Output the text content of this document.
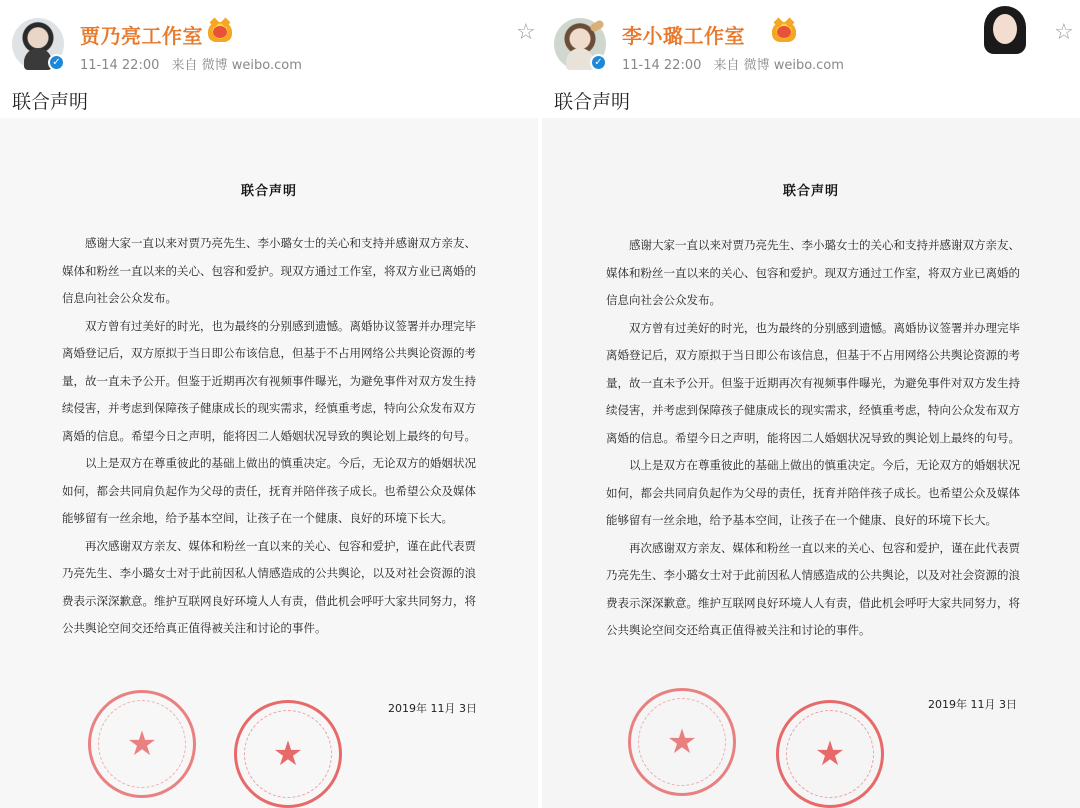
✓
贾乃亮工作室
11-14 22:00 来自 微博 weibo.com
☆
联合声明
联合声明

感谢大家一直以来对贾乃亮先生、李小璐女士的关心和支持并感谢双方亲友、媒体和粉丝一直以来的关心、包容和爱护。现双方通过工作室，将双方业已离婚的信息向社会公众发布。

双方曾有过美好的时光，也为最终的分别感到遗憾。离婚协议签署并办理完毕离婚登记后，双方原拟于当日即公布该信息，但基于不占用网络公共舆论资源的考量，故一直未予公开。但鉴于近期再次有视频事件曝光，为避免事件对双方发生持续侵害，并考虑到保障孩子健康成长的现实需求，经慎重考虑，特向公众发布双方离婚的信息。希望今日之声明，能将因二人婚姻状况导致的舆论划上最终的句号。

以上是双方在尊重彼此的基础上做出的慎重决定。今后，无论双方的婚姻状况如何，都会共同肩负起作为父母的责任，抚育并陪伴孩子成长。也希望公众及媒体能够留有一丝余地，给予基本空间，让孩子在一个健康、良好的环境下长大。

再次感谢双方亲友、媒体和粉丝一直以来的关心、包容和爱护，谨在此代表贾乃亮先生、李小璐女士对于此前因私人情感造成的公共舆论，以及对社会资源的浪费表示深深歉意。维护互联网良好环境人人有责，借此机会呼吁大家共同努力，将公共舆论空间交还给真正值得被关注和讨论的事件。

2019年 11月 3日
★	★
✓
李小璐工作室
11-14 22:00 来自 微博 weibo.com
☆
联合声明
联合声明

感谢大家一直以来对贾乃亮先生、李小璐女士的关心和支持并感谢双方亲友、媒体和粉丝一直以来的关心、包容和爱护。现双方通过工作室，将双方业已离婚的信息向社会公众发布。

双方曾有过美好的时光，也为最终的分别感到遗憾。离婚协议签署并办理完毕离婚登记后，双方原拟于当日即公布该信息，但基于不占用网络公共舆论资源的考量，故一直未予公开。但鉴于近期再次有视频事件曝光，为避免事件对双方发生持续侵害，并考虑到保障孩子健康成长的现实需求，经慎重考虑，特向公众发布双方离婚的信息。希望今日之声明，能将因二人婚姻状况导致的舆论划上最终的句号。

以上是双方在尊重彼此的基础上做出的慎重决定。今后，无论双方的婚姻状况如何，都会共同肩负起作为父母的责任，抚育并陪伴孩子成长。也希望公众及媒体能够留有一丝余地，给予基本空间，让孩子在一个健康、良好的环境下长大。

再次感谢双方亲友、媒体和粉丝一直以来的关心、包容和爱护，谨在此代表贾乃亮先生、李小璐女士对于此前因私人情感造成的公共舆论，以及对社会资源的浪费表示深深歉意。维护互联网良好环境人人有责，借此机会呼吁大家共同努力，将公共舆论空间交还给真正值得被关注和讨论的事件。

2019年 11月 3日
★	★
